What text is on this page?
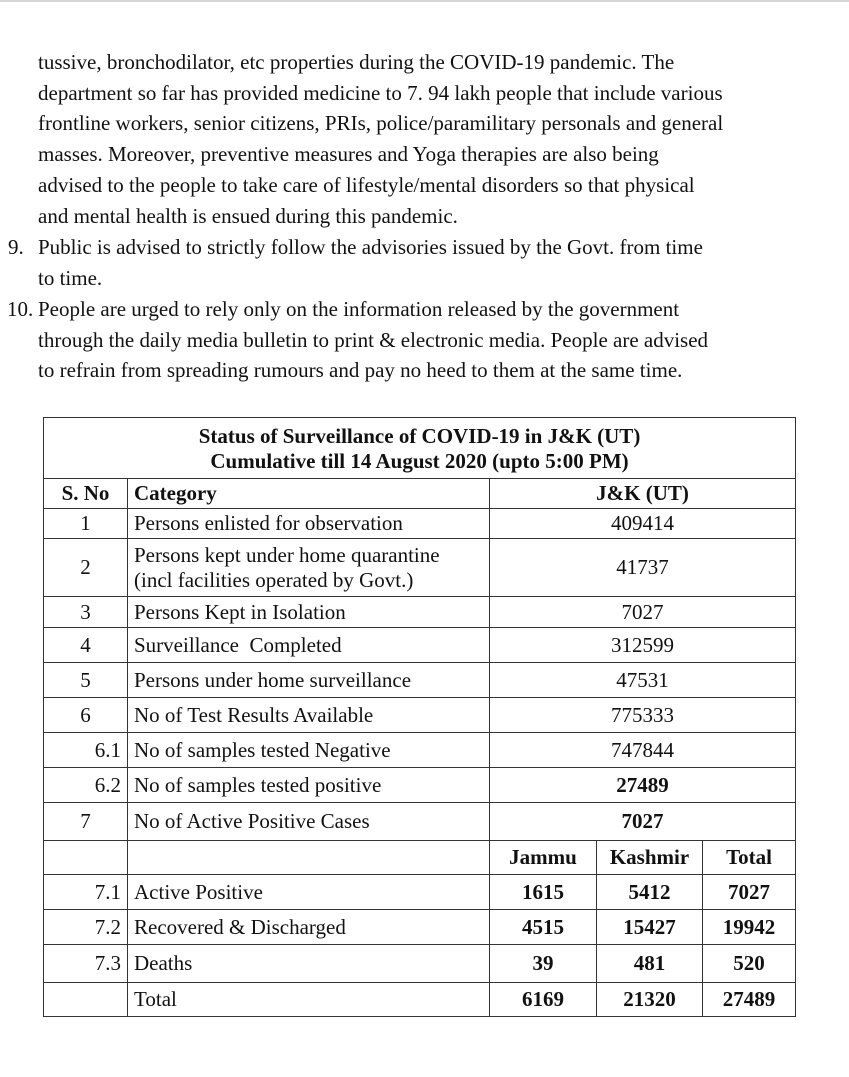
tussive, bronchodilator, etc properties during the COVID-19 pandemic. The
department so far has provided medicine to 7. 94 lakh people that include various
frontline workers, senior citizens, PRIs, police/paramilitary personals and general
masses. Moreover, preventive measures and Yoga therapies are also being
advised to the people to take care of lifestyle/mental disorders so that physical
and mental health is ensued during this pandemic.
9. Public is advised to strictly follow the advisories issued by the Govt. from time
to time.
10. People are urged to rely only on the information released by the government
through the daily media bulletin to print & electronic media. People are advised
to refrain from spreading rumours and pay no heed to them at the same time.
Status of Surveillance of COVID-19 in J&K (UT)
Cumulative till 14 August 2020 (upto 5:00 PM)				

S. No	Category	J&K (UT)		
1	Persons enlisted for observation	409414		
2	Persons kept under home quarantine
(incl facilities operated by Govt.)	41737		
3	Persons Kept in Isolation	7027		
4	Surveillance  Completed	312599		
5	Persons under home surveillance	47531		
6	No of Test Results Available	775333		
6.1	No of samples tested Negative	747844		
6.2	No of samples tested positive	27489		
7	No of Active Positive Cases	7027		
		Jammu	Kashmir	Total
7.1	Active Positive	1615	5412	7027
7.2	Recovered & Discharged	4515	15427	19942
7.3	Deaths	39	481	520
	Total	6169	21320	27489
